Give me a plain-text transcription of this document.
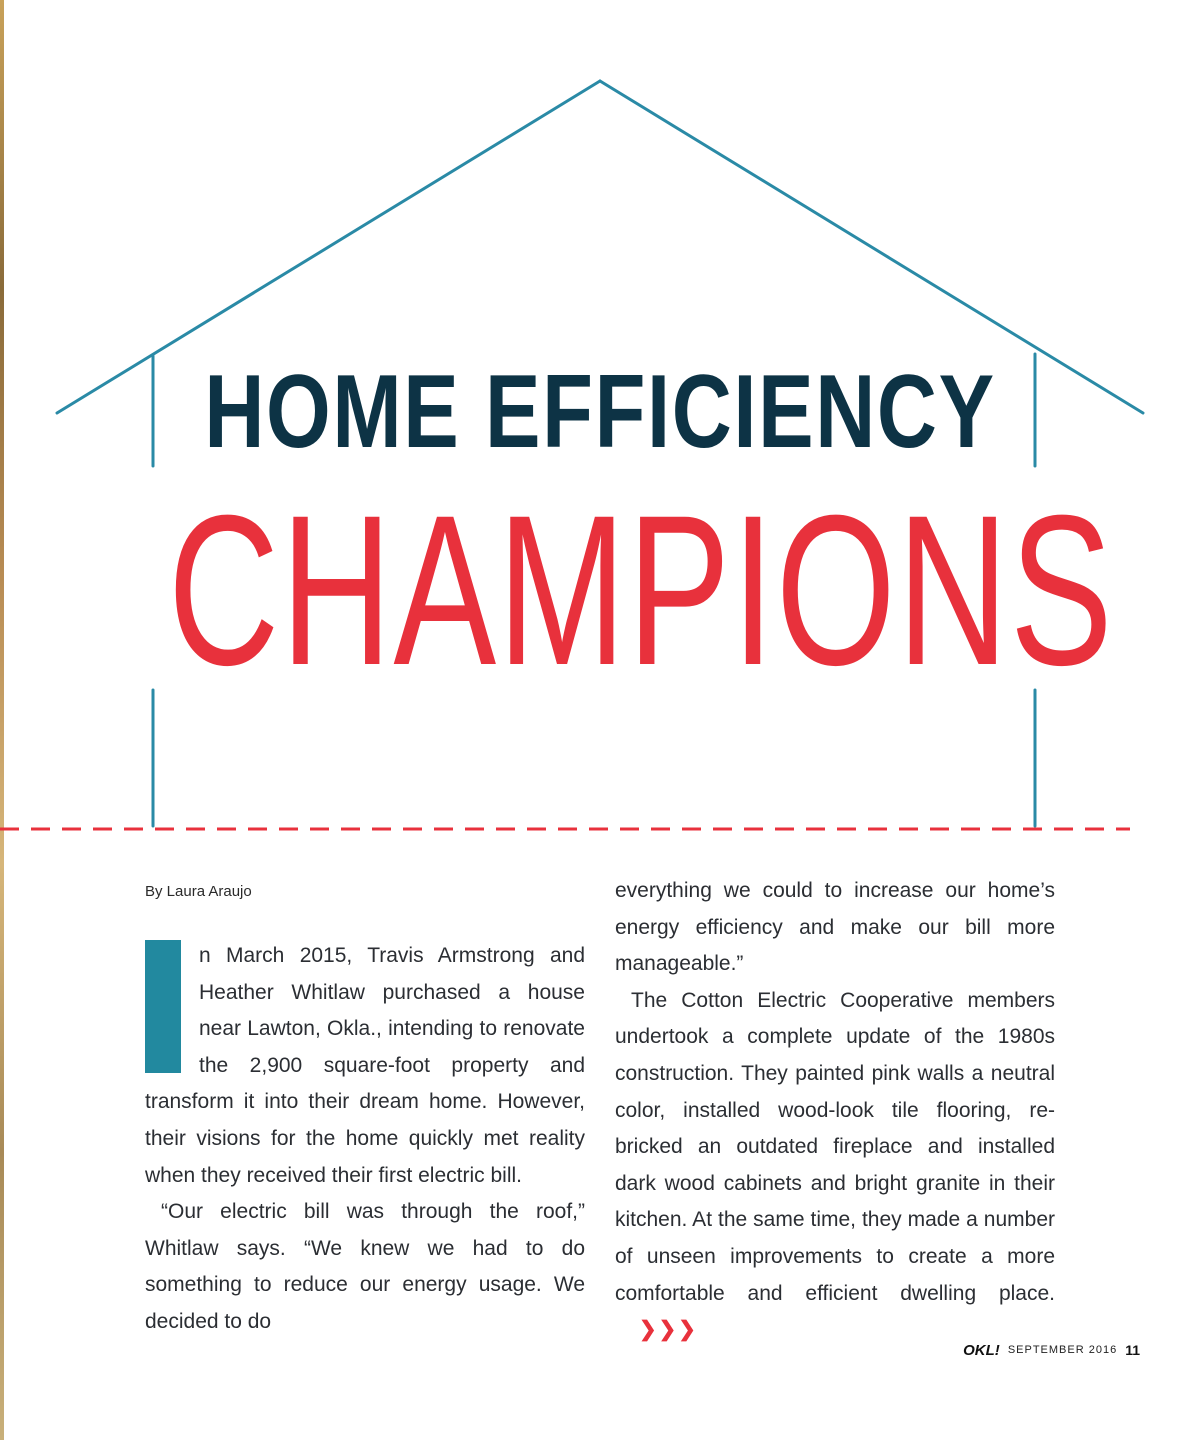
HOME EFFICIENCY
CHAMPIONS
By Laura Araujo

n March 2015, Travis Armstrong and Heather Whitlaw purchased a house near Lawton, Okla., intending to renovate the 2,900 square-foot property and transform it into their dream home. However, their visions for the home quickly met reality when they received their first electric bill.

“Our electric bill was through the roof,” Whitlaw says. “We knew we had to do something to reduce our energy usage. We decided to do

everything we could to increase our home’s energy efficiency and make our bill more manageable.”

The Cotton Electric Cooperative members undertook a complete update of the 1980s construction. They painted pink walls a neutral color, installed wood-look tile flooring, re-bricked an outdated fireplace and installed dark wood cabinets and bright granite in their kitchen. At the same time, they made a number of unseen improvements to create a more comfortable and efficient dwelling place.❯❯❯

OKL! SEPTEMBER 2016 11
